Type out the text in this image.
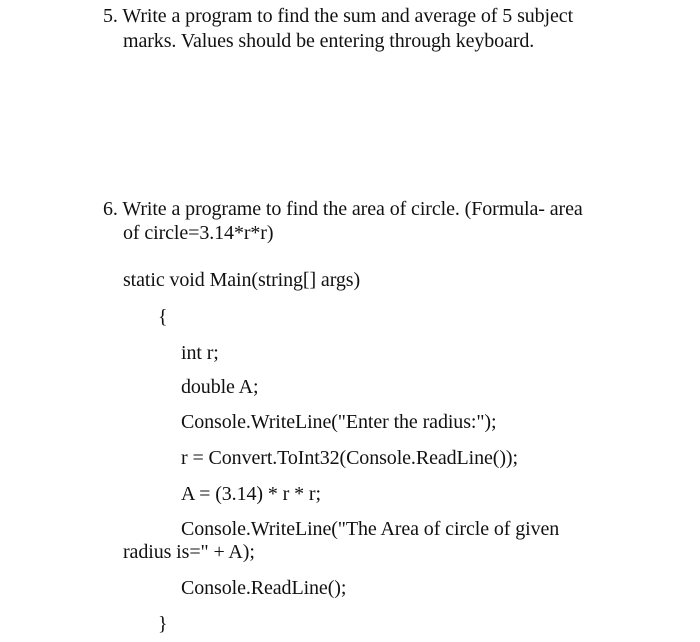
5. Write a program to find the sum and average of 5 subject
marks. Values should be entering through keyboard.
6. Write a programe to find the area of circle. (Formula- area
of circle=3.14*r*r)
static void Main(string[] args)
{
int r;
double A;
Console.WriteLine("Enter the radius:");
r = Convert.ToInt32(Console.ReadLine());
A = (3.14) * r * r;
Console.WriteLine("The Area of circle of given
radius is=" + A);
Console.ReadLine();
}
